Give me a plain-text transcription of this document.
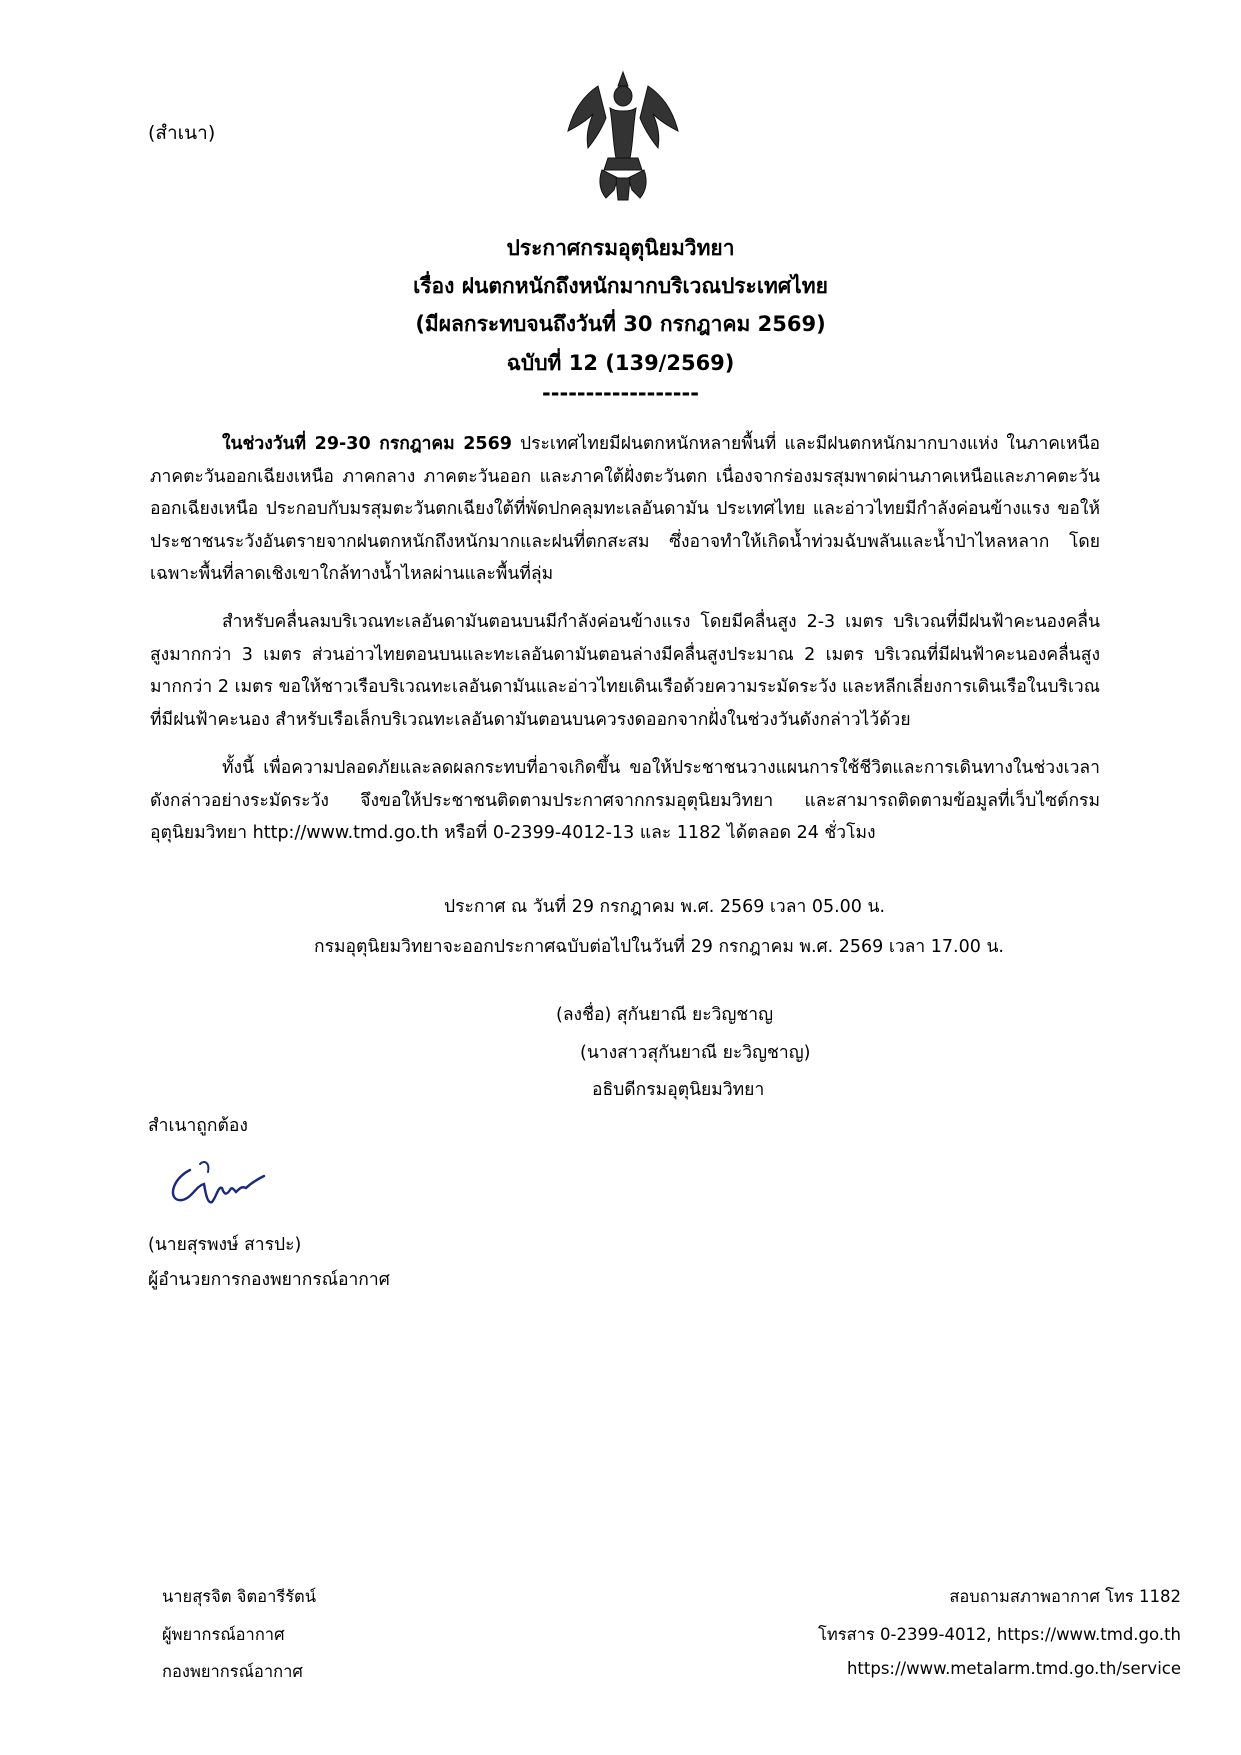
(สำเนา)
ประกาศกรมอุตุนิยมวิทยา
เรื่อง ฝนตกหนักถึงหนักมากบริเวณประเทศไทย
(มีผลกระทบจนถึงวันที่ 30 กรกฎาคม 2569)
ฉบับที่ 12 (139/2569)
------------------

ในช่วงวันที่ 29-30 กรกฎาคม 2569 ประเทศไทยมีฝนตกหนักหลายพื้นที่ และมีฝนตกหนักมากบางแห่ง ในภาคเหนือ ภาคตะวันออกเฉียงเหนือ ภาคกลาง ภาคตะวันออก และภาคใต้ฝั่งตะวันตก เนื่องจากร่องมรสุมพาดผ่านภาคเหนือและภาคตะวันออกเฉียงเหนือ ประกอบกับมรสุมตะวันตกเฉียงใต้ที่พัดปกคลุมทะเลอันดามัน ประเทศไทย และอ่าวไทยมีกำลังค่อนข้างแรง ขอให้ประชาชนระวังอันตรายจากฝนตกหนักถึงหนักมากและฝนที่ตกสะสม ซึ่งอาจทำให้เกิดน้ำท่วมฉับพลันและน้ำป่าไหลหลาก โดยเฉพาะพื้นที่ลาดเชิงเขาใกล้ทางน้ำไหลผ่านและพื้นที่ลุ่ม

สำหรับคลื่นลมบริเวณทะเลอันดามันตอนบนมีกำลังค่อนข้างแรง โดยมีคลื่นสูง 2-3 เมตร บริเวณที่มีฝนฟ้าคะนองคลื่นสูงมากกว่า 3 เมตร ส่วนอ่าวไทยตอนบนและทะเลอันดามันตอนล่างมีคลื่นสูงประมาณ 2 เมตร บริเวณที่มีฝนฟ้าคะนองคลื่นสูงมากกว่า 2 เมตร ขอให้ชาวเรือบริเวณทะเลอันดามันและอ่าวไทยเดินเรือด้วยความระมัดระวัง และหลีกเลี่ยงการเดินเรือในบริเวณที่มีฝนฟ้าคะนอง สำหรับเรือเล็กบริเวณทะเลอันดามันตอนบนควรงดออกจากฝั่งในช่วงวันดังกล่าวไว้ด้วย

ทั้งนี้ เพื่อความปลอดภัยและลดผลกระทบที่อาจเกิดขึ้น ขอให้ประชาชนวางแผนการใช้ชีวิตและการเดินทางในช่วงเวลาดังกล่าวอย่างระมัดระวัง จึงขอให้ประชาชนติดตามประกาศจากกรมอุตุนิยมวิทยา และสามารถติดตามข้อมูลที่เว็บไซต์กรมอุตุนิยมวิทยา http://www.tmd.go.th หรือที่ 0-2399-4012-13 และ 1182 ได้ตลอด 24 ชั่วโมง

ประกาศ ณ วันที่ 29 กรกฎาคม พ.ศ. 2569 เวลา 05.00 น.
กรมอุตุนิยมวิทยาจะออกประกาศฉบับต่อไปในวันที่ 29 กรกฎาคม พ.ศ. 2569 เวลา 17.00 น.
(ลงชื่อ) สุกันยาณี ยะวิญชาญ
(นางสาวสุกันยาณี ยะวิญชาญ)
อธิบดีกรมอุตุนิยมวิทยา
สำเนาถูกต้อง
(นายสุรพงษ์ สารปะ)
ผู้อำนวยการกองพยากรณ์อากาศ
นายสุรจิต จิตอารีรัตน์
ผู้พยากรณ์อากาศ
กองพยากรณ์อากาศ
สอบถามสภาพอากาศ โทร 1182
โทรสาร 0-2399-4012, https://www.tmd.go.th
https://www.metalarm.tmd.go.th/service
